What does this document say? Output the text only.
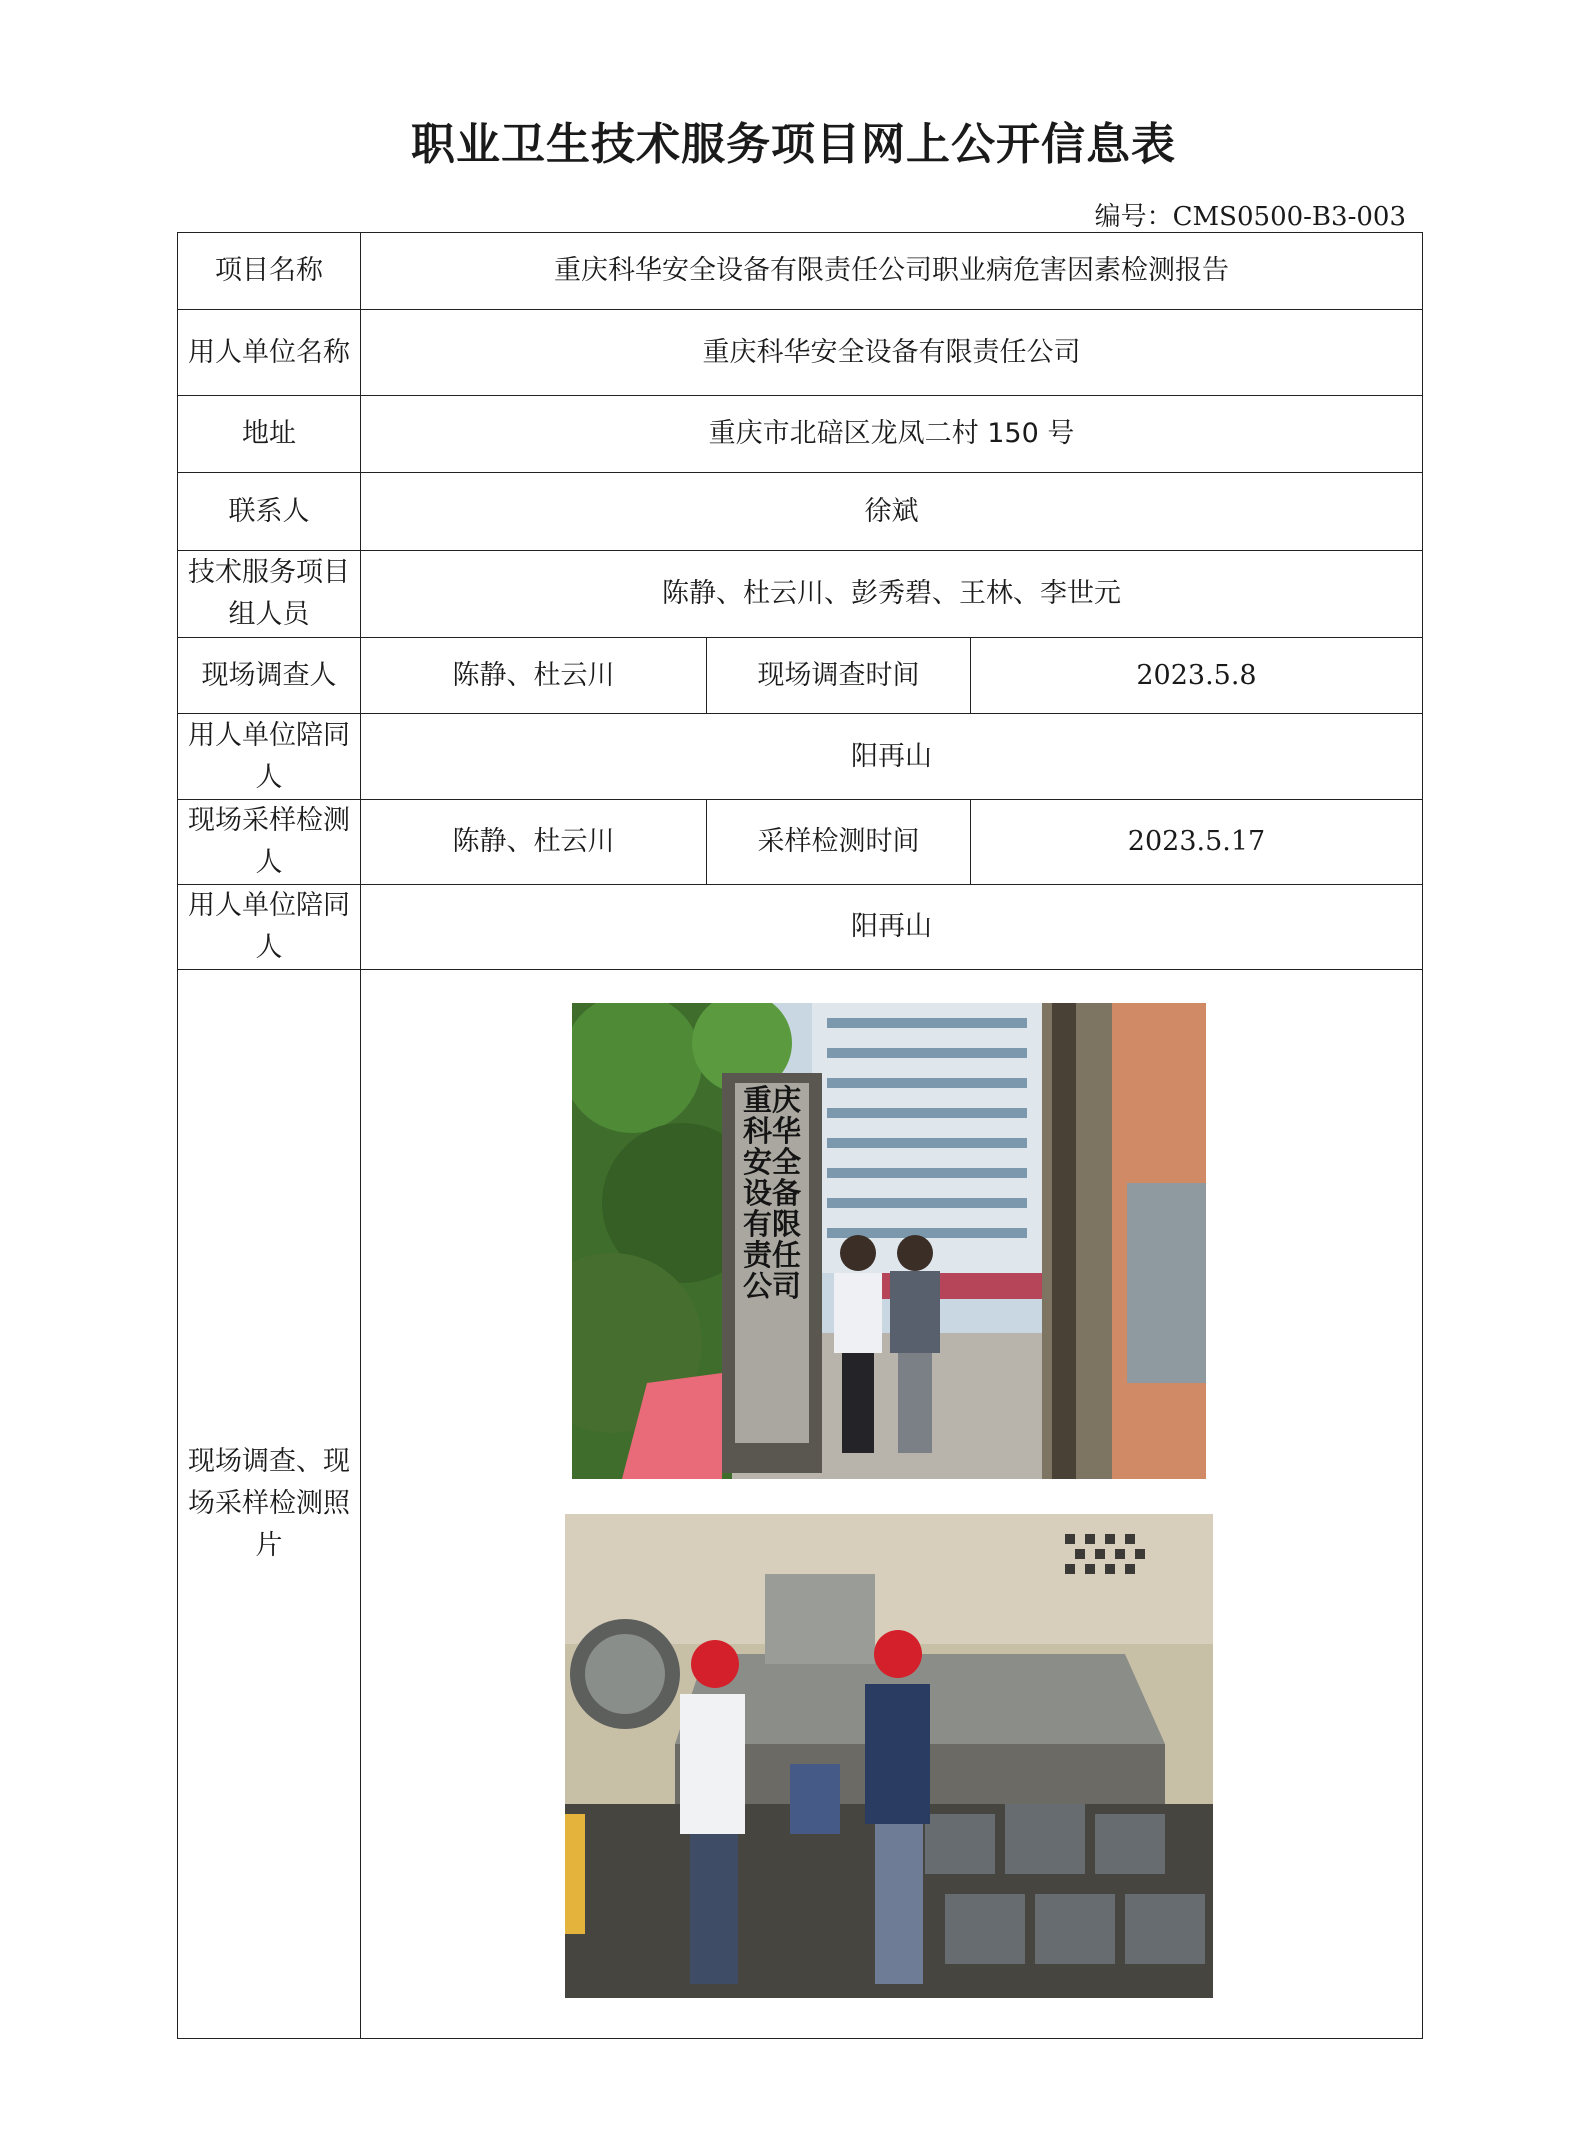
职业卫生技术服务项目网上公开信息表
编号：CMS0500-B3-003
项目名称	重庆科华安全设备有限责任公司职业病危害因素检测报告		
用人单位名称	重庆科华安全设备有限责任公司		
地址	重庆市北碚区龙凤二村 150 号		
联系人	徐斌		
技术服务项目组人员	陈静、杜云川、彭秀碧、王林、李世元		
现场调查人	陈静、杜云川	现场调查时间	2023.5.8
用人单位陪同人	阳再山		
现场采样检测人	陈静、杜云川	采样检测时间	2023.5.17
用人单位陪同人	阳再山		
现场调查、现场采样检测照片	重庆科华安全设备有限责任公司		
